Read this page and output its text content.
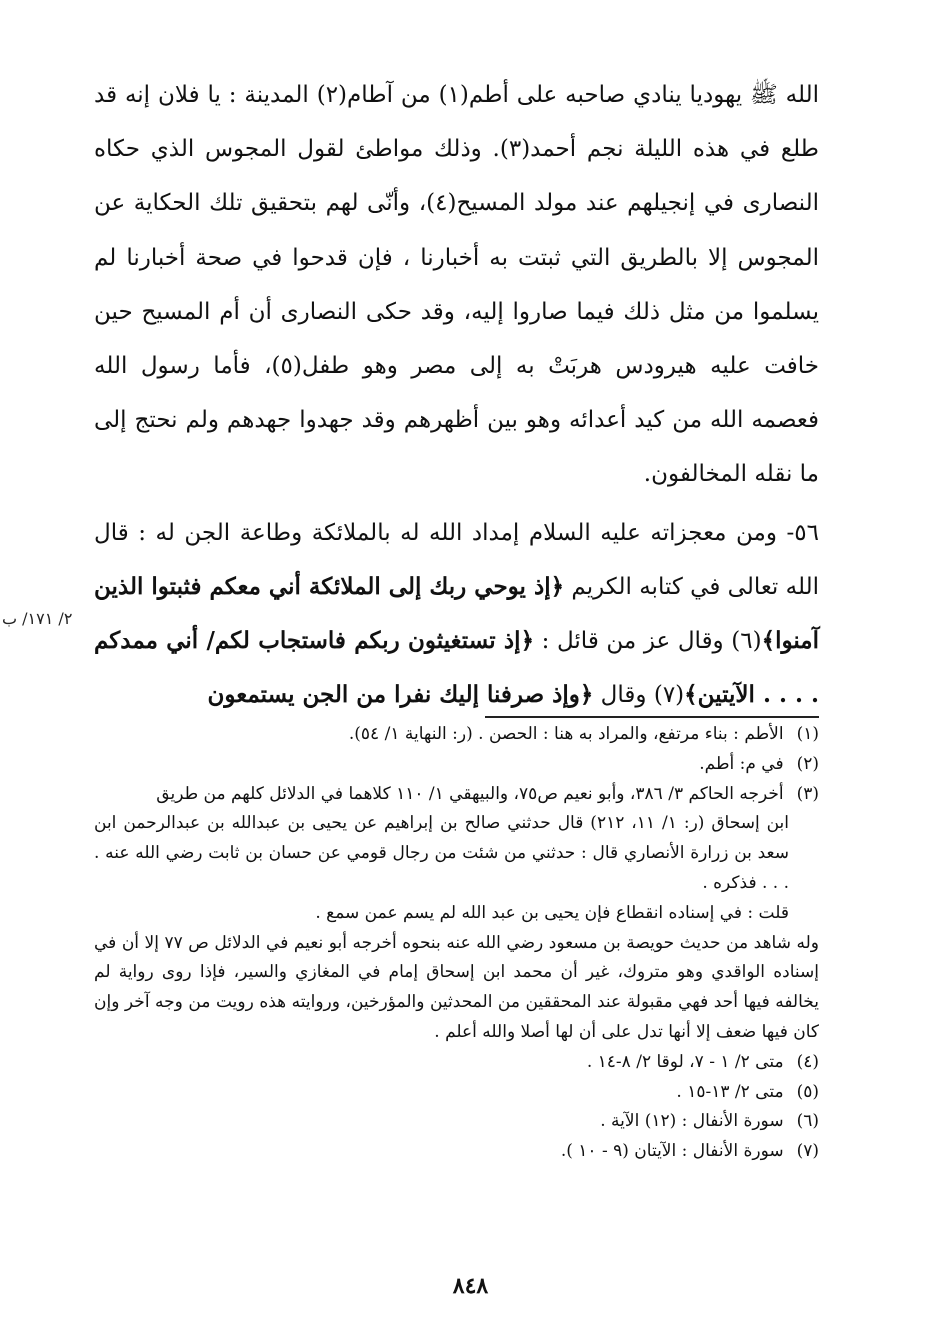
الله ﷺ يهوديا ينادي صاحبه على أطم(١) من آطام(٢) المدينة : يا فلان إنه قد طلع في هذه الليلة نجم أحمد(٣). وذلك مواطئ لقول المجوس الذي حكاه النصارى في إنجيلهم عند مولد المسيح(٤)، وأنّى لهم بتحقيق تلك الحكاية عن المجوس إلا بالطريق التي ثبتت به أخبارنا ، فإن قدحوا في صحة أخبارنا لم يسلموا من مثل ذلك فيما صاروا إليه، وقد حكى النصارى أن أم المسيح حين خافت عليه هيرودس هربَتْ به إلى مصر وهو طفل(٥)، فأما رسول الله فعصمه الله من كيد أعدائه وهو بين أظهرهم وقد جهدوا جهدهم ولم نحتج إلى ما نقله المخالفون.

٥٦- ومن معجزاته عليه السلام إمداد الله له بالملائكة وطاعة الجن له : قال الله تعالى في كتابه الكريم ﴿إذ يوحي ربك إلى الملائكة أني معكم فثبتوا الذين آمنوا﴾(٦) وقال عز من قائل : ﴿إذ تستغيثون ربكم فاستجاب لكم/ أني ممدكم . . . . الآيتين﴾(٧) وقال ﴿وإذ صرفنا إليك نفرا من الجن يستمعون

٢/ ١٧١/ ب

(١) الأطم : بناء مرتفع، والمراد به هنا : الحصن . (ر: النهاية ١/ ٥٤).

(٢) في م: أطم.

(٣) أخرجه الحاكم ٣/ ٣٨٦، وأبو نعيم ص٧٥، والبيهقي ١/ ١١٠ كلاهما في الدلائل كلهم من طريق

ابن إسحاق (ر: ١/ ١١، ٢١٢) قال حدثني صالح بن إبراهيم عن يحيى بن عبدالله بن عبدالرحمن ابن سعد بن زرارة الأنصاري قال : حدثني من شئت من رجال قومي عن حسان بن ثابت رضي الله عنه . . . . فذكره .

قلت : في إسناده انقطاع فإن يحيى بن عبد الله لم يسم عمن سمع .

وله شاهد من حديث حويصة بن مسعود رضي الله عنه بنحوه أخرجه أبو نعيم في الدلائل ص ٧٧ إلا أن في إسناده الواقدي وهو متروك، غير أن محمد ابن إسحاق إمام في المغازي والسير، فإذا روى رواية لم يخالفه فيها أحد فهي مقبولة عند المحققين من المحدثين والمؤرخين، وروايته هذه رويت من وجه آخر وإن كان فيها ضعف إلا أنها تدل على أن لها أصلا والله أعلم .

(٤) متى ٢/ ١ - ٧، لوقا ٢/ ٨-١٤ .

(٥) متى ٢/ ١٣-١٥ .

(٦) سورة الأنفال : (١٢) الآية .

(٧) سورة الأنفال : الآيتان (٩ - ١٠ ).

٨٤٨
